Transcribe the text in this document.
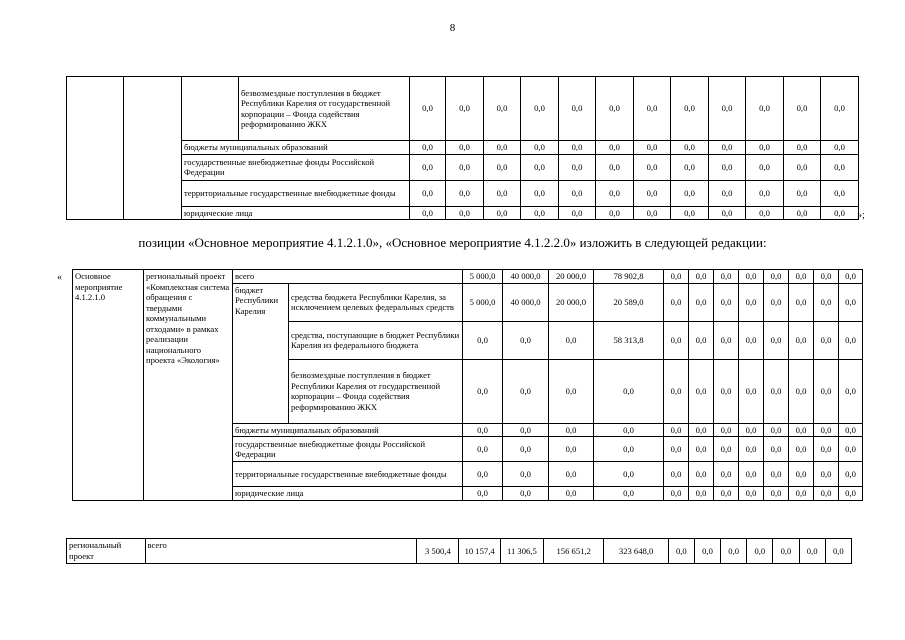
8
			безвозмездные поступления в бюджет Республики Карелия от государственной корпорации – Фонда содействия реформированию ЖКХ	0,0	0,0	0,0	0,0	0,0	0,0	0,0	0,0	0,0	0,0	0,0	0,0
		бюджеты муниципальных образований		0,0	0,0	0,0	0,0	0,0	0,0	0,0	0,0	0,0	0,0	0,0	0,0
		государственные внебюджетные фонды Российской Федерации		0,0	0,0	0,0	0,0	0,0	0,0	0,0	0,0	0,0	0,0	0,0	0,0
		территориальные государственные внебюджетные фонды		0,0	0,0	0,0	0,0	0,0	0,0	0,0	0,0	0,0	0,0	0,0	0,0
		юридические лица		0,0	0,0	0,0	0,0	0,0	0,0	0,0	0,0	0,0	0,0	0,0	0,0 »;
позиции «Основное мероприятие 4.1.2.1.0», «Основное мероприятие 4.1.2.2.0» изложить в следующей редакции:
« Основное мероприятие 4.1.2.1.0	региональный проект «Комплексная система обращения с твердыми коммунальными отходами» в рамках реализации национального проекта «Экология»	всего		5 000,0	40 000,0	20 000,0	78 902,8	0,0	0,0	0,0	0,0	0,0	0,0	0,0	0,0
		бюджет Республики Карелия	средства бюджета Республики Карелия, за исключением целевых федеральных средств	5 000,0	40 000,0	20 000,0	20 589,0	0,0	0,0	0,0	0,0	0,0	0,0	0,0	0,0
			средства, поступающие в бюджет Республики Карелия из федерального бюджета	0,0	0,0	0,0	58 313,8	0,0	0,0	0,0	0,0	0,0	0,0	0,0	0,0
			безвозмездные поступления в бюджет Республики Карелия от государственной корпорации – Фонда содействия реформированию ЖКХ	0,0	0,0	0,0	0,0	0,0	0,0	0,0	0,0	0,0	0,0	0,0	0,0
		бюджеты муниципальных образований		0,0	0,0	0,0	0,0	0,0	0,0	0,0	0,0	0,0	0,0	0,0	0,0
		государственные внебюджетные фонды Российской Федерации		0,0	0,0	0,0	0,0	0,0	0,0	0,0	0,0	0,0	0,0	0,0	0,0
		территориальные государственные внебюджетные фонды		0,0	0,0	0,0	0,0	0,0	0,0	0,0	0,0	0,0	0,0	0,0	0,0
		юридические лица		0,0	0,0	0,0	0,0	0,0	0,0	0,0	0,0	0,0	0,0	0,0	0,0
региональный проект	всего	3 500,4	10 157,4	11 306,5	156 651,2	323 648,0	0,0	0,0	0,0	0,0	0,0	0,0	0,0
